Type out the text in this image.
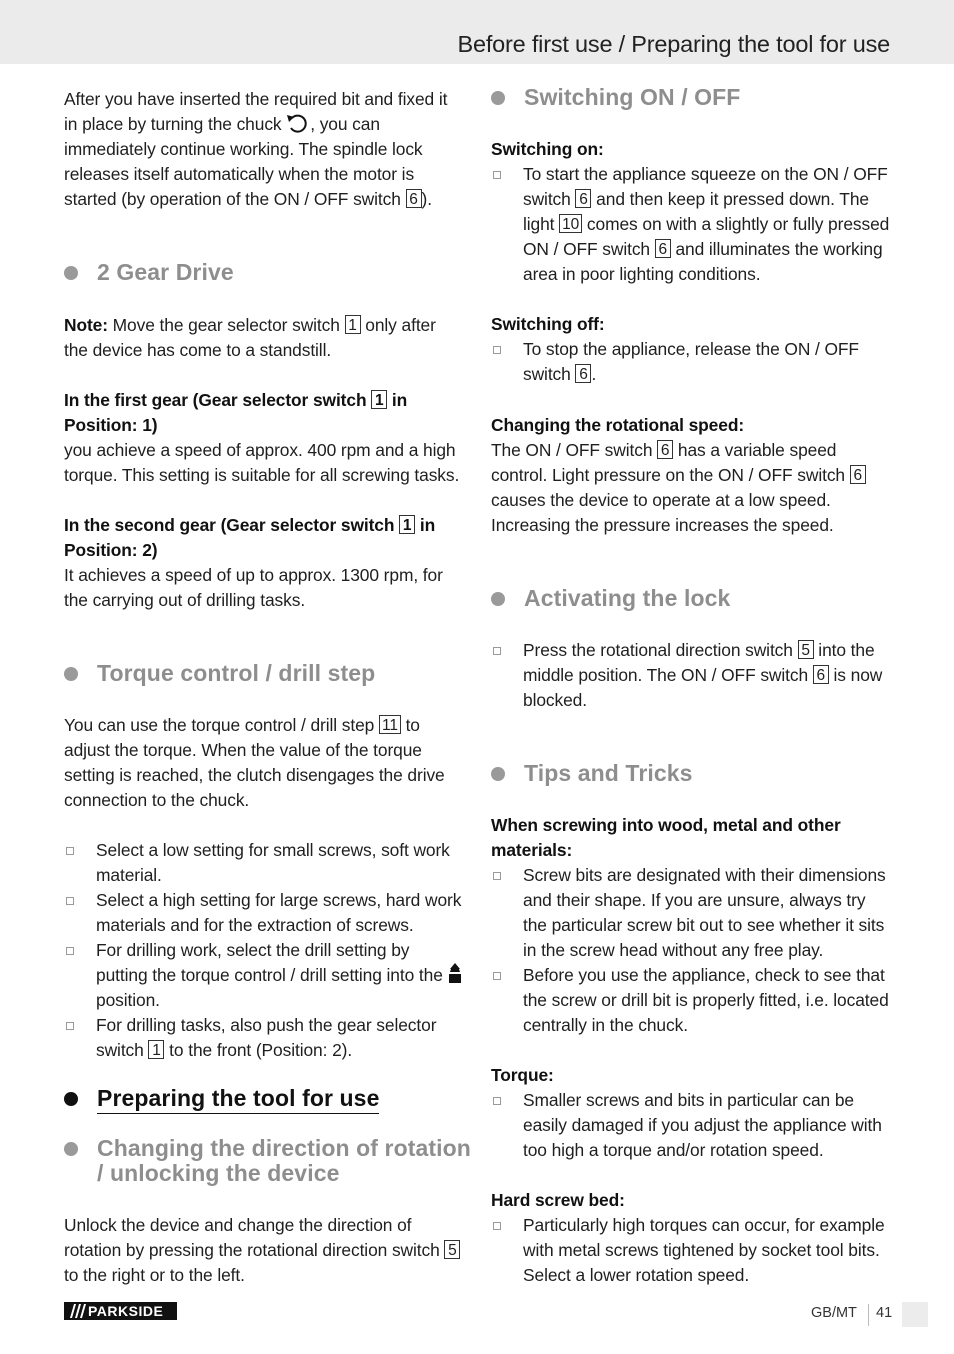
Before first use / Preparing the tool for use
After you have inserted the required bit and fixed it in place by turning the chuck , you can immediately continue working. The spindle lock releases itself automatically when the motor is started (by operation of the ON / OFF switch 6 ).
2 Gear Drive
Note: Move the gear selector switch 1 only after the device has come to a standstill.
In the first gear (Gear selector switch 1 in Position: 1)
you achieve a speed of approx. 400 rpm and a high torque. This setting is suitable for all screwing tasks.
In the second gear (Gear selector switch 1 in Position: 2)
It achieves a speed of up to approx. 1300 rpm, for the carrying out of drilling tasks.
Torque control / drill step
You can use the torque control / drill step 11 to adjust the torque. When the value of the torque setting is reached, the clutch disengages the drive connection to the chuck.
Select a low setting for small screws, soft work material.
Select a high setting for large screws, hard work materials and for the extraction of screws.
For drilling work, select the drill setting by putting the torque control / drill setting into the  position.
For drilling tasks, also push the gear selector switch 1 to the front (Position: 2).
Preparing the tool for use
Changing the direction of rotation / unlocking the device
Unlock the device and change the direction of rotation by pressing the rotational direction switch 5 to the right or to the left.
Switching ON / OFF
Switching on:
To start the appliance squeeze on the ON / OFF switch 6 and then keep it pressed down. The light 10 comes on with a slightly or fully pressed ON / OFF switch 6 and illuminates the working area in poor lighting conditions.
Switching off:
To stop the appliance, release the ON / OFF switch 6 .
Changing the rotational speed:
The ON / OFF switch 6 has a variable speed control. Light pressure on the ON / OFF switch 6 causes the device to operate at a low speed. Increasing the pressure increases the speed.
Activating the lock
Press the rotational direction switch 5 into the middle position. The ON / OFF switch 6 is now blocked.
Tips and Tricks
When screwing into wood, metal and other materials:
Screw bits are designated with their dimensions and their shape. If you are unsure, always try the particular screw bit out to see whether it sits in the screw head without any free play.
Before you use the appliance, check to see that the screw or drill bit is properly fitted, i.e. located centrally in the chuck.
Torque:
Smaller screws and bits in particular can be easily damaged if you adjust the appliance with too high a torque and/or rotation speed.
Hard screw bed:
Particularly high torques can occur, for example with metal screws tightened by socket tool bits. Select a lower rotation speed.
PARKSIDE	GB/MT 41
